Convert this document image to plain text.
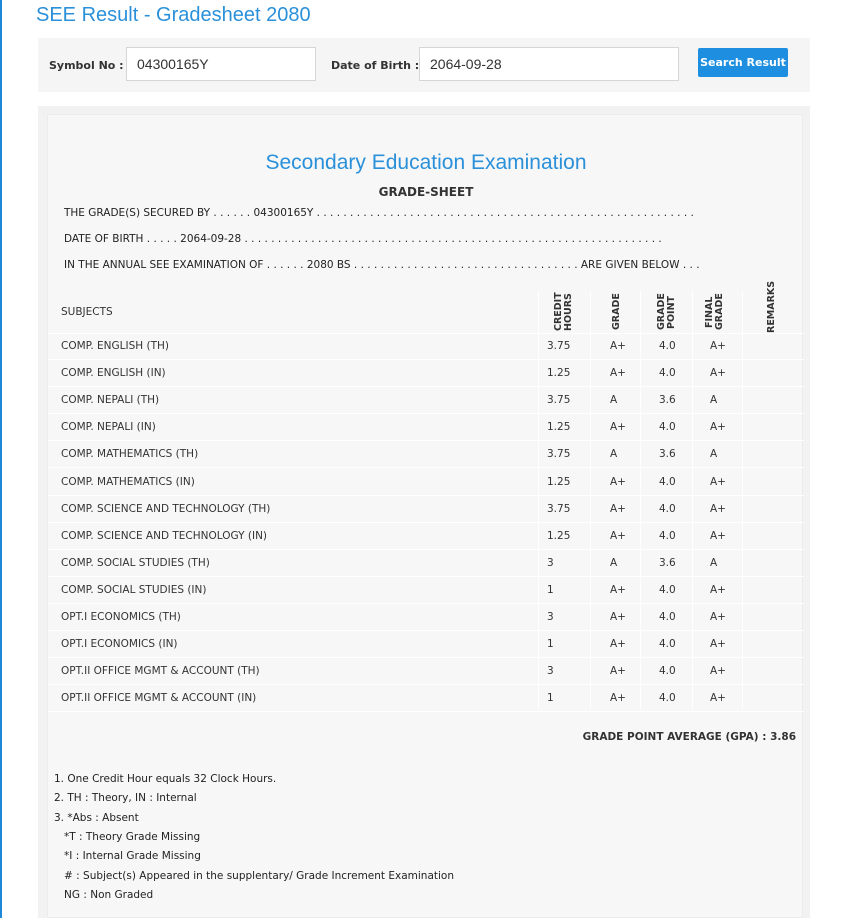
SEE Result - Gradesheet 2080
Symbol No :
04300165Y	Date of Birth :
2064-09-28	Search Result
Secondary Education Examination
GRADE-SHEET
THE GRADE(S) SECURED BY . . . . . . 04300165Y . . . . . . . . . . . . . . . . . . . . . . . . . . . . . . . . . . . . . . . . . . . . . . . . . . . . . . . . .
DATE OF BIRTH . . . . . 2064-09-28 . . . . . . . . . . . . . . . . . . . . . . . . . . . . . . . . . . . . . . . . . . . . . . . . . . . . . . . . . . . . . . .
IN THE ANNUAL SEE EXAMINATION OF . . . . . . 2080 BS . . . . . . . . . . . . . . . . . . . . . . . . . . . . . . . . . . ARE GIVEN BELOW . . .
SUBJECTS	CREDIT HOURS	GRADE	GRADE POINT	FINAL GRADE	REMARKS
COMP. ENGLISH (TH)	3.75	A+	4.0	A+
COMP. ENGLISH (IN)	1.25	A+	4.0	A+
COMP. NEPALI (TH)	3.75	A	3.6	A
COMP. NEPALI (IN)	1.25	A+	4.0	A+
COMP. MATHEMATICS (TH)	3.75	A	3.6	A
COMP. MATHEMATICS (IN)	1.25	A+	4.0	A+
COMP. SCIENCE AND TECHNOLOGY (TH)	3.75	A+	4.0	A+
COMP. SCIENCE AND TECHNOLOGY (IN)	1.25	A+	4.0	A+
COMP. SOCIAL STUDIES (TH)	3	A	3.6	A
COMP. SOCIAL STUDIES (IN)	1	A+	4.0	A+
OPT.I ECONOMICS (TH)	3	A+	4.0	A+
OPT.I ECONOMICS (IN)	1	A+	4.0	A+
OPT.II OFFICE MGMT & ACCOUNT (TH)	3	A+	4.0	A+
OPT.II OFFICE MGMT & ACCOUNT (IN)	1	A+	4.0	A+
GRADE POINT AVERAGE (GPA) : 3.86
1. One Credit Hour equals 32 Clock Hours.
2. TH : Theory, IN : Internal
3. *Abs : Absent
*T : Theory Grade Missing
*I : Internal Grade Missing
# : Subject(s) Appeared in the supplentary/ Grade Increment Examination
NG : Non Graded
